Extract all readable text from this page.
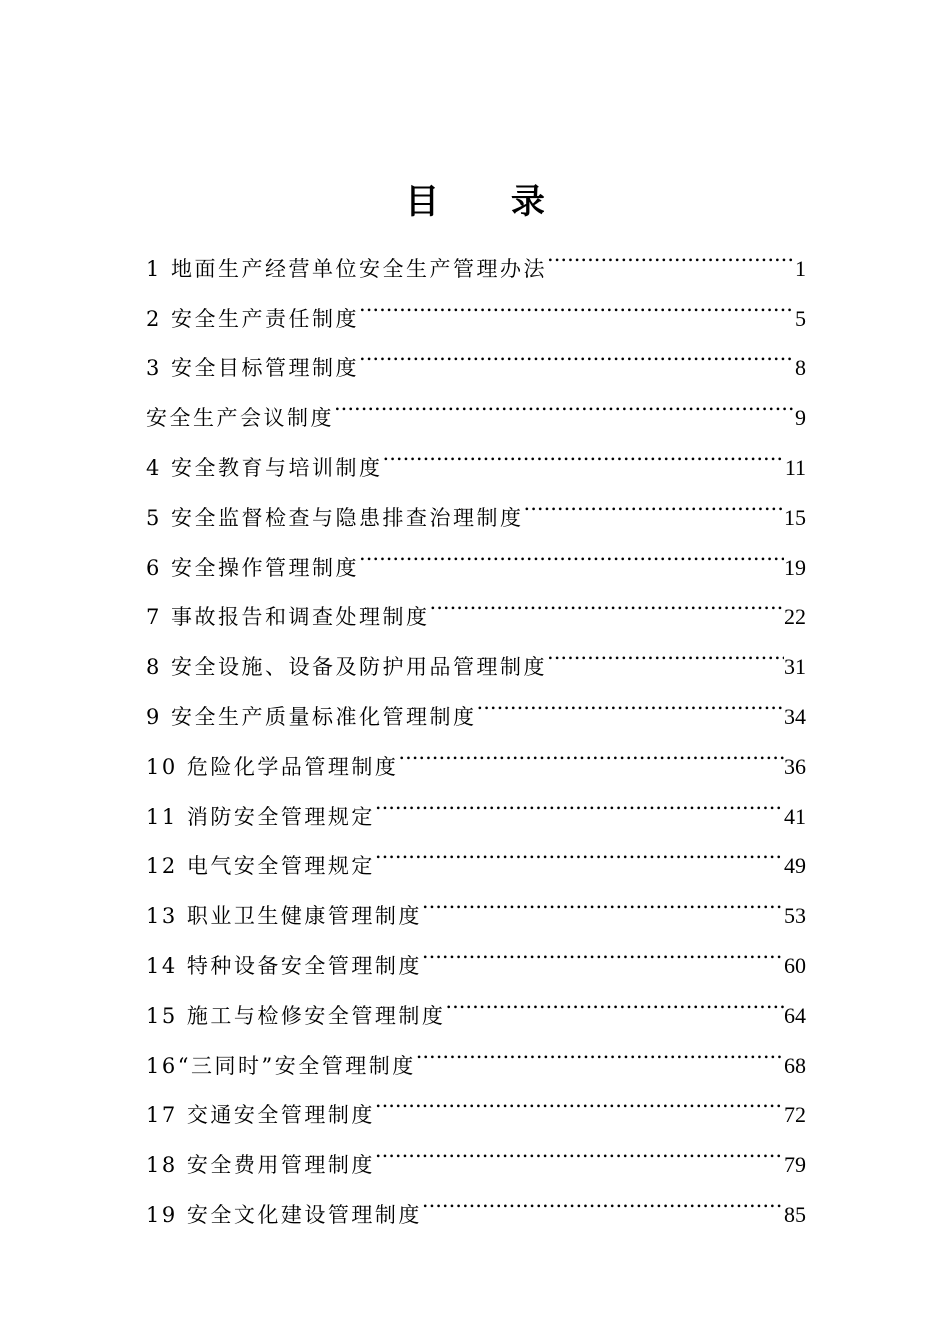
目 录
1 地面生产经营单位安全生产管理办法 .....	1
2 安全生产责任制度 .....	5
3 安全目标管理制度 .....	8
安全生产会议制度 .....	9
4 安全教育与培训制度 .....	11
5 安全监督检查与隐患排查治理制度 .....	15
6 安全操作管理制度 .....	19
7 事故报告和调查处理制度 .....	22
8 安全设施、设备及防护用品管理制度 .....	31
9 安全生产质量标准化管理制度 .....	34
10 危险化学品管理制度 .....	36
11 消防安全管理规定 .....	41
12 电气安全管理规定 .....	49
13 职业卫生健康管理制度 .....	53
14 特种设备安全管理制度 .....	60
15 施工与检修安全管理制度 .....	64
16“三同时”安全管理制度 .....	68
17 交通安全管理制度 .....	72
18 安全费用管理制度 .....	79
19 安全文化建设管理制度 .....	85
